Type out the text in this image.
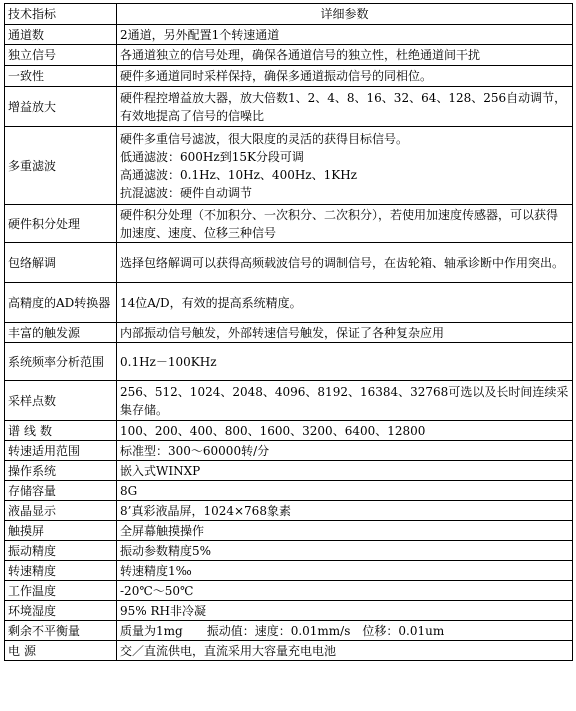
技术指标	详细参数

通道数	2通道，另外配置1个转速通道

独立信号	各通道独立的信号处理，确保各通道信号的独立性，杜绝通道间干扰

一致性	硬件多通道同时采样保持，确保多通道振动信号的同相位。

增益放大	硬件程控增益放大器，放大倍数1、2、4、8、16、32、64、128、256自动调节，有效地提高了信号的信噪比

多重滤波	硬件多重信号滤波，很大限度的灵活的获得目标信号。
低通滤波：600Hz到15K分段可调
高通滤波：0.1Hz、10Hz、400Hz、1KHz
抗混滤波：硬件自动调节

硬件积分处理	硬件积分处理（不加积分、一次积分、二次积分），若使用加速度传感器，可以获得加速度、速度、位移三种信号

包络解调	选择包络解调可以获得高频载波信号的调制信号，在齿轮箱、轴承诊断中作用突出。

高精度的AD转换器	14位A/D，有效的提高系统精度。

丰富的触发源	内部振动信号触发，外部转速信号触发，保证了各种复杂应用

系统频率分析范围	0.1Hz－100KHz

采样点数	256、512、1024、2048、4096、8192、16384、32768可选以及长时间连续采集存储。

谱线数	100、200、400、800、1600、3200、6400、12800

转速适用范围	标准型：300～60000转/分

操作系统	嵌入式WINXP

存储容量	8G

液晶显示	8’真彩液晶屏，1024×768象素

触摸屏	全屏幕触摸操作

振动精度	振动参数精度5%

转速精度	转速精度1‰

工作温度	-20℃～50℃

环境湿度	95% RH非冷凝

剩余不平衡量	质量为1mg　　振动值：速度：0.01mm/s　位移：0.01um

电源	交／直流供电，直流采用大容量充电电池
